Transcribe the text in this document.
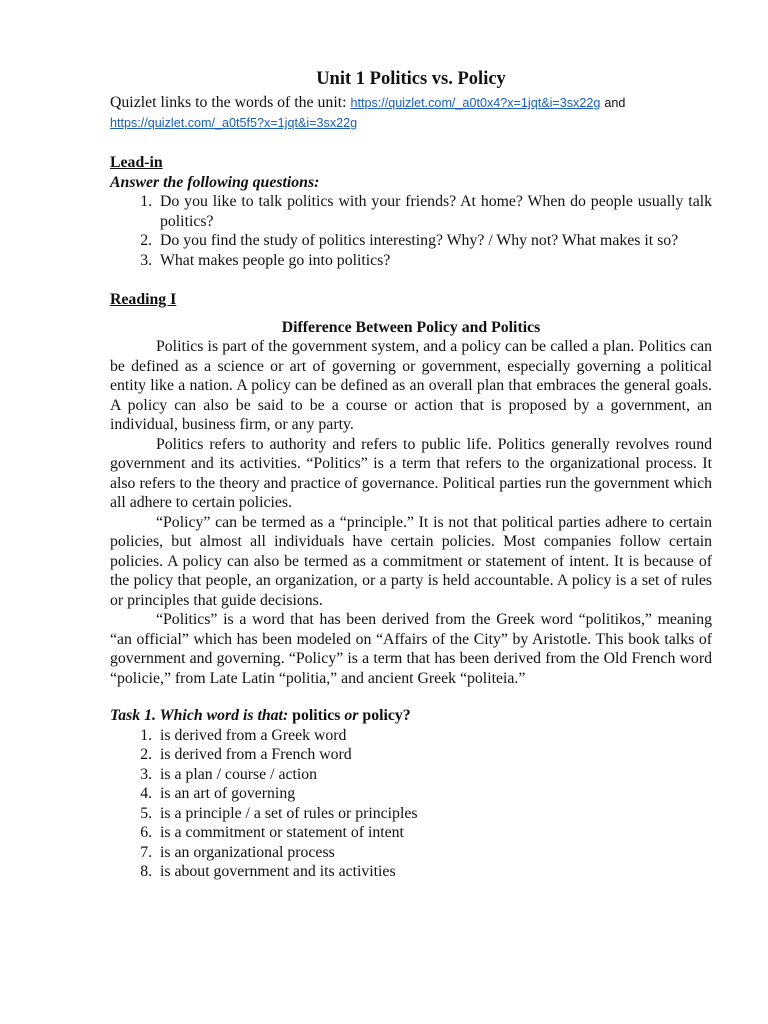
Unit 1 Politics vs. Policy
Quizlet links to the words of the unit: https://quizlet.com/_a0t0x4?x=1jqt&i=3sx22g and
https://quizlet.com/_a0t5f5?x=1jqt&i=3sx22g
Lead-in
Answer the following questions:
1. Do you like to talk politics with your friends? At home? When do people usually talk politics?
2. Do you find the study of politics interesting? Why? / Why not? What makes it so?
3. What makes people go into politics?
Reading I
Difference Between Policy and Politics

Politics is part of the government system, and a policy can be called a plan. Politics can be defined as a science or art of governing or government, especially governing a political entity like a nation. A policy can be defined as an overall plan that embraces the general goals. A policy can also be said to be a course or action that is proposed by a government, an individual, business firm, or any party.

Politics refers to authority and refers to public life. Politics generally revolves round government and its activities. “Politics” is a term that refers to the organizational process. It also refers to the theory and practice of governance. Political parties run the government which all adhere to certain policies.

“Policy” can be termed as a “principle.” It is not that political parties adhere to certain policies, but almost all individuals have certain policies. Most companies follow certain policies. A policy can also be termed as a commitment or statement of intent. It is because of the policy that people, an organization, or a party is held accountable. A policy is a set of rules or principles that guide decisions.

“Politics” is a word that has been derived from the Greek word “politikos,” meaning “an official” which has been modeled on “Affairs of the City” by Aristotle. This book talks of government and governing. “Policy” is a term that has been derived from the Old French word “policie,” from Late Latin “politia,” and ancient Greek “politeia.”

Task 1. Which word is that: politics or policy?
1. is derived from a Greek word
2. is derived from a French word
3. is a plan / course / action
4. is an art of governing
5. is a principle / a set of rules or principles
6. is a commitment or statement of intent
7. is an organizational process
8. is about government and its activities
